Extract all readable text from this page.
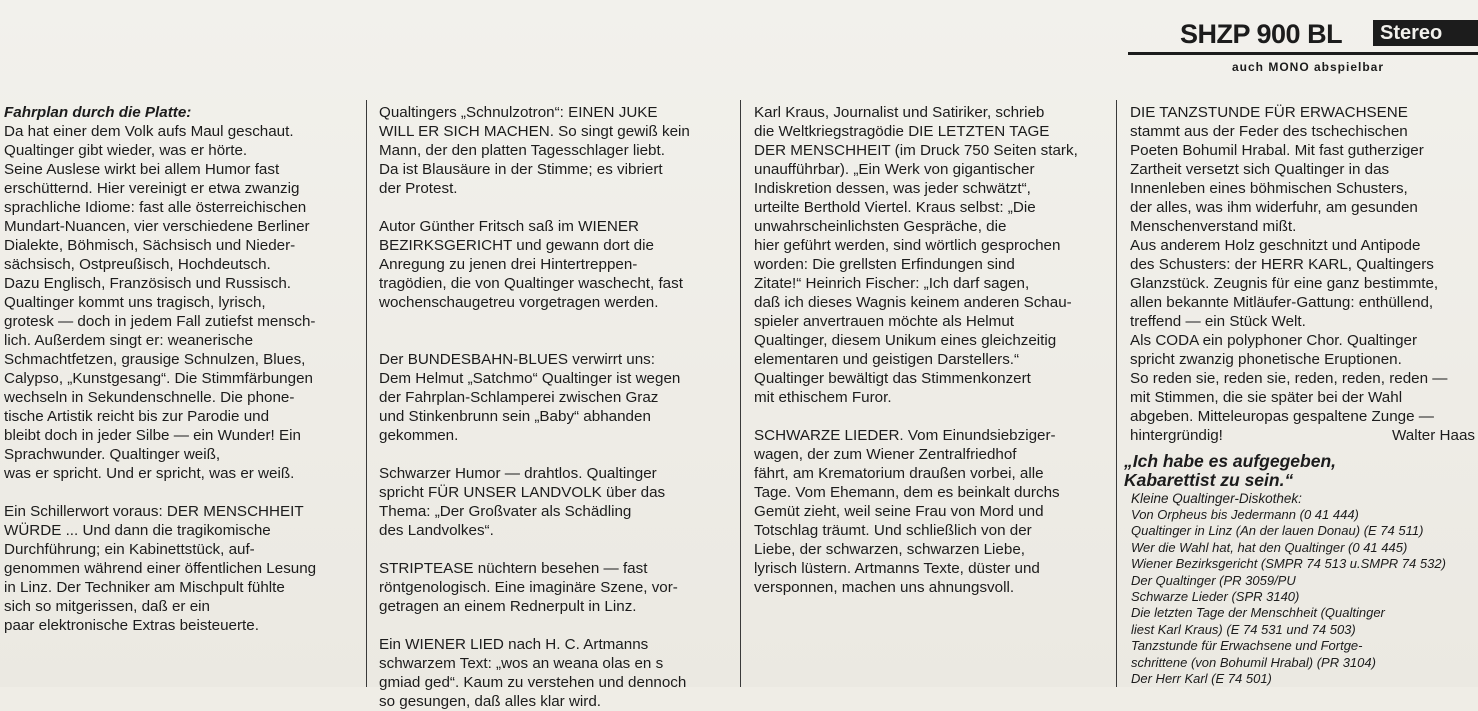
SHZP 900 BL	Stereo
auch MONO abspielbar

Fahrplan durch die Platte:

Da hat einer dem Volk aufs Maul geschaut.

Qualtinger gibt wieder, was er hörte.

Seine Auslese wirkt bei allem Humor fast

erschütternd. Hier vereinigt er etwa zwanzig

sprachliche Idiome: fast alle österreichischen

Mundart-Nuancen, vier verschiedene Berliner

Dialekte, Böhmisch, Sächsisch und Nieder-

sächsisch, Ostpreußisch, Hochdeutsch.

Dazu Englisch, Französisch und Russisch.

Qualtinger kommt uns tragisch, lyrisch,

grotesk — doch in jedem Fall zutiefst mensch-

lich. Außerdem singt er: weanerische

Schmachtfetzen, grausige Schnulzen, Blues,

Calypso, „Kunstgesang“. Die Stimmfärbungen

wechseln in Sekundenschnelle. Die phone-

tische Artistik reicht bis zur Parodie und

bleibt doch in jeder Silbe — ein Wunder! Ein

Sprachwunder. Qualtinger weiß,

was er spricht. Und er spricht, was er weiß.

Ein Schillerwort voraus: DER MENSCHHEIT

WÜRDE ... Und dann die tragikomische

Durchführung; ein Kabinettstück, auf-

genommen während einer öffentlichen Lesung

in Linz. Der Techniker am Mischpult fühlte

sich so mitgerissen, daß er ein

paar elektronische Extras beisteuerte.

Qualtingers „Schnulzotron“: EINEN JUKE

WILL ER SICH MACHEN. So singt gewiß kein

Mann, der den platten Tagesschlager liebt.

Da ist Blausäure in der Stimme; es vibriert

der Protest.

Autor Günther Fritsch saß im WIENER

BEZIRKSGERICHT und gewann dort die

Anregung zu jenen drei Hintertreppen-

tragödien, die von Qualtinger waschecht, fast

wochenschaugetreu vorgetragen werden.

Der BUNDESBAHN-BLUES verwirrt uns:

Dem Helmut „Satchmo“ Qualtinger ist wegen

der Fahrplan-Schlamperei zwischen Graz

und Stinkenbrunn sein „Baby“ abhanden

gekommen.

Schwarzer Humor — drahtlos. Qualtinger

spricht FÜR UNSER LANDVOLK über das

Thema: „Der Großvater als Schädling

des Landvolkes“.

STRIPTEASE nüchtern besehen — fast

röntgenologisch. Eine imaginäre Szene, vor-

getragen an einem Rednerpult in Linz.

Ein WIENER LIED nach H. C. Artmanns

schwarzem Text: „wos an weana olas en s

gmiad ged“. Kaum zu verstehen und dennoch

so gesungen, daß alles klar wird.

Karl Kraus, Journalist und Satiriker, schrieb

die Weltkriegstragödie DIE LETZTEN TAGE

DER MENSCHHEIT (im Druck 750 Seiten stark,

unaufführbar). „Ein Werk von gigantischer

Indiskretion dessen, was jeder schwätzt“,

urteilte Berthold Viertel. Kraus selbst: „Die

unwahrscheinlichsten Gespräche, die

hier geführt werden, sind wörtlich gesprochen

worden: Die grellsten Erfindungen sind

Zitate!“ Heinrich Fischer: „Ich darf sagen,

daß ich dieses Wagnis keinem anderen Schau-

spieler anvertrauen möchte als Helmut

Qualtinger, diesem Unikum eines gleichzeitig

elementaren und geistigen Darstellers.“

Qualtinger bewältigt das Stimmenkonzert

mit ethischem Furor.

SCHWARZE LIEDER. Vom Einundsiebziger-

wagen, der zum Wiener Zentralfriedhof

fährt, am Krematorium draußen vorbei, alle

Tage. Vom Ehemann, dem es beinkalt durchs

Gemüt zieht, weil seine Frau von Mord und

Totschlag träumt. Und schließlich von der

Liebe, der schwarzen, schwarzen Liebe,

lyrisch lüstern. Artmanns Texte, düster und

versponnen, machen uns ahnungsvoll.

DIE TANZSTUNDE FÜR ERWACHSENE

stammt aus der Feder des tschechischen

Poeten Bohumil Hrabal. Mit fast gutherziger

Zartheit versetzt sich Qualtinger in das

Innenleben eines böhmischen Schusters,

der alles, was ihm widerfuhr, am gesunden

Menschenverstand mißt.

Aus anderem Holz geschnitzt und Antipode

des Schusters: der HERR KARL, Qualtingers

Glanzstück. Zeugnis für eine ganz bestimmte,

allen bekannte Mitläufer-Gattung: enthüllend,

treffend — ein Stück Welt.

Als CODA ein polyphoner Chor. Qualtinger

spricht zwanzig phonetische Eruptionen.

So reden sie, reden sie, reden, reden, reden —

mit Stimmen, die sie später bei der Wahl

abgeben. Mitteleuropas gespaltene Zunge —

hintergründig!	Walter Haas

„Ich habe es aufgegeben,

Kabarettist zu sein.“

Kleine Qualtinger-Diskothek:

Von Orpheus bis Jedermann (0 41 444)

Qualtinger in Linz (An der lauen Donau) (E 74 511)

Wer die Wahl hat, hat den Qualtinger (0 41 445)

Wiener Bezirksgericht (SMPR 74 513 u.SMPR 74 532)

Der Qualtinger (PR 3059/PU

Schwarze Lieder (SPR 3140)

Die letzten Tage der Menschheit (Qualtinger

liest Karl Kraus) (E 74 531 und 74 503)

Tanzstunde für Erwachsene und Fortge-

schrittene (von Bohumil Hrabal) (PR 3104)

Der Herr Karl (E 74 501)
